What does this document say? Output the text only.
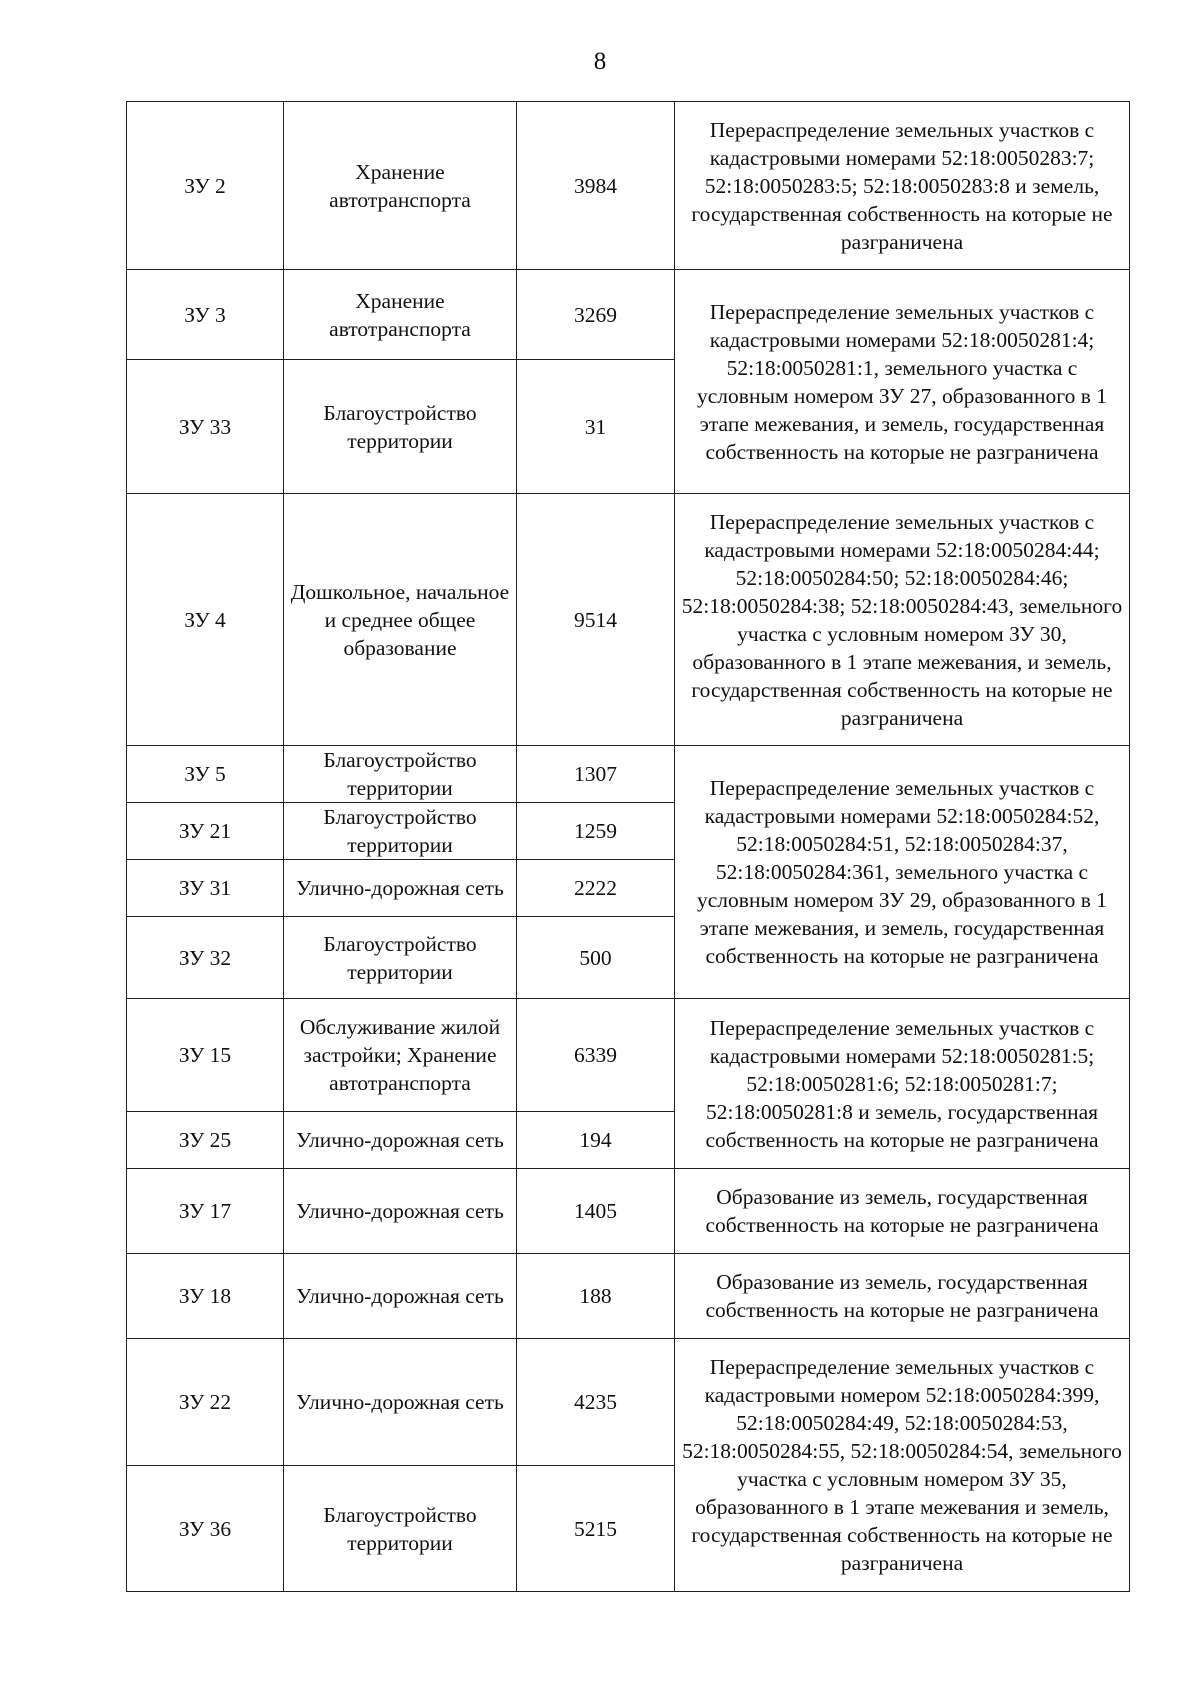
8
ЗУ 2	Хранение автотранспорта	3984	Перераспределение земельных участков с кадастровыми номерами 52:18:0050283:7; 52:18:0050283:5; 52:18:0050283:8 и земель, государственная собственность на которые не разграничена
ЗУ 3	Хранение автотранспорта	3269	Перераспределение земельных участков с кадастровыми номерами 52:18:0050281:4; 52:18:0050281:1, земельного участка с условным номером ЗУ 27, образованного в 1 этапе межевания, и земель, государственная собственность на которые не разграничена
ЗУ 33	Благоустройство территории	31	
ЗУ 4	Дошкольное, начальное и среднее общее образование	9514	Перераспределение земельных участков с кадастровыми номерами 52:18:0050284:44; 52:18:0050284:50; 52:18:0050284:46; 52:18:0050284:38; 52:18:0050284:43, земельного участка с условным номером ЗУ 30, образованного в 1 этапе межевания, и земель, государственная собственность на которые не разграничена
ЗУ 5	Благоустройство территории	1307	Перераспределение земельных участков с кадастровыми номерами 52:18:0050284:52, 52:18:0050284:51, 52:18:0050284:37, 52:18:0050284:361, земельного участка с условным номером ЗУ 29, образованного в 1 этапе межевания, и земель, государственная собственность на которые не разграничена
ЗУ 21	Благоустройство территории	1259	
ЗУ 31	Улично-дорожная сеть	2222	
ЗУ 32	Благоустройство территории	500	
ЗУ 15	Обслуживание жилой застройки; Хранение автотранспорта	6339	Перераспределение земельных участков с кадастровыми номерами 52:18:0050281:5; 52:18:0050281:6; 52:18:0050281:7; 52:18:0050281:8 и земель, государственная собственность на которые не разграничена
ЗУ 25	Улично-дорожная сеть	194	
ЗУ 17	Улично-дорожная сеть	1405	Образование из земель, государственная собственность на которые не разграничена
ЗУ 18	Улично-дорожная сеть	188	Образование из земель, государственная собственность на которые не разграничена
ЗУ 22	Улично-дорожная сеть	4235	Перераспределение земельных участков с кадастровыми номером 52:18:0050284:399, 52:18:0050284:49, 52:18:0050284:53, 52:18:0050284:55, 52:18:0050284:54, земельного участка с условным номером ЗУ 35, образованного в 1 этапе межевания и земель, государственная собственность на которые не разграничена
ЗУ 36	Благоустройство территории	5215	
